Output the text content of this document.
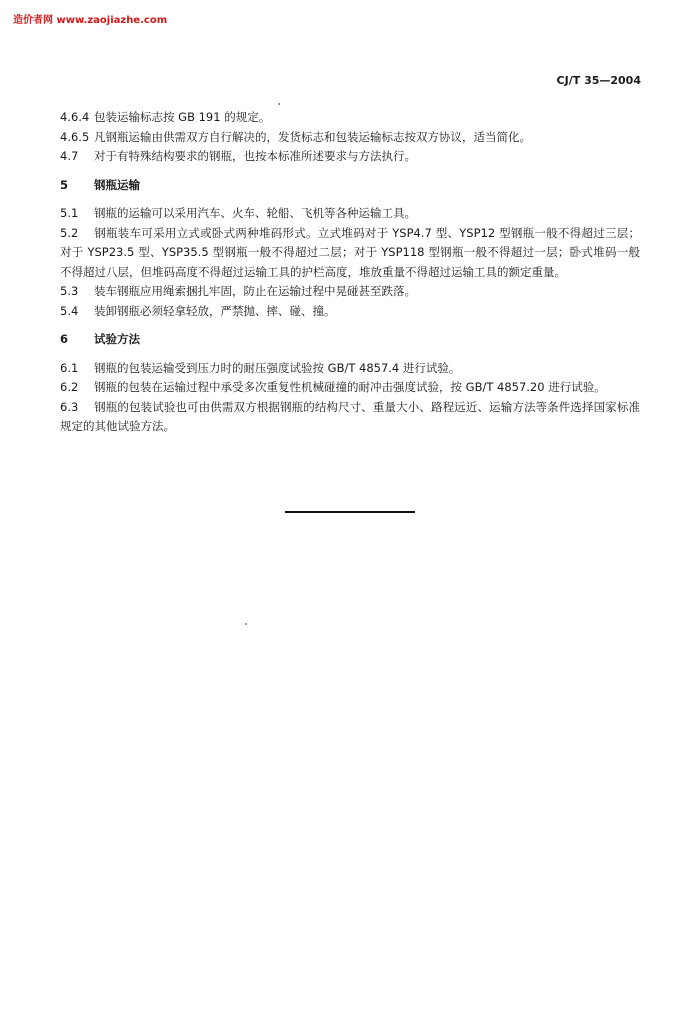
造价者网 www.zaojiazhe.com
CJ/T 35—2004

4.6.4 包装运输标志按 GB 191 的规定。

4.6.5 凡钢瓶运输由供需双方自行解决的，发货标志和包装运输标志按双方协议，适当简化。

4.7 对于有特殊结构要求的钢瓶，也按本标准所述要求与方法执行。

5 钢瓶运输

5.1 钢瓶的运输可以采用汽车、火车、轮船、飞机等各种运输工具。

5.2 钢瓶装车可采用立式或卧式两种堆码形式。立式堆码对于 YSP4.7 型、YSP12 型钢瓶一般不得超过三层；对于 YSP23.5 型、YSP35.5 型钢瓶一般不得超过二层；对于 YSP118 型钢瓶一般不得超过一层；卧式堆码一般不得超过八层，但堆码高度不得超过运输工具的护栏高度，堆放重量不得超过运输工具的额定重量。

5.3 装车钢瓶应用绳索捆扎牢固，防止在运输过程中晃碰甚至跌落。

5.4 装卸钢瓶必须轻拿轻放，严禁抛、摔、碰、撞。

6 试验方法

6.1 钢瓶的包装运输受到压力时的耐压强度试验按 GB/T 4857.4 进行试验。

6.2 钢瓶的包装在运输过程中承受多次重复性机械碰撞的耐冲击强度试验，按 GB/T 4857.20 进行试验。

6.3 钢瓶的包装试验也可由供需双方根据钢瓶的结构尺寸、重量大小、路程远近、运输方法等条件选择国家标准规定的其他试验方法。
